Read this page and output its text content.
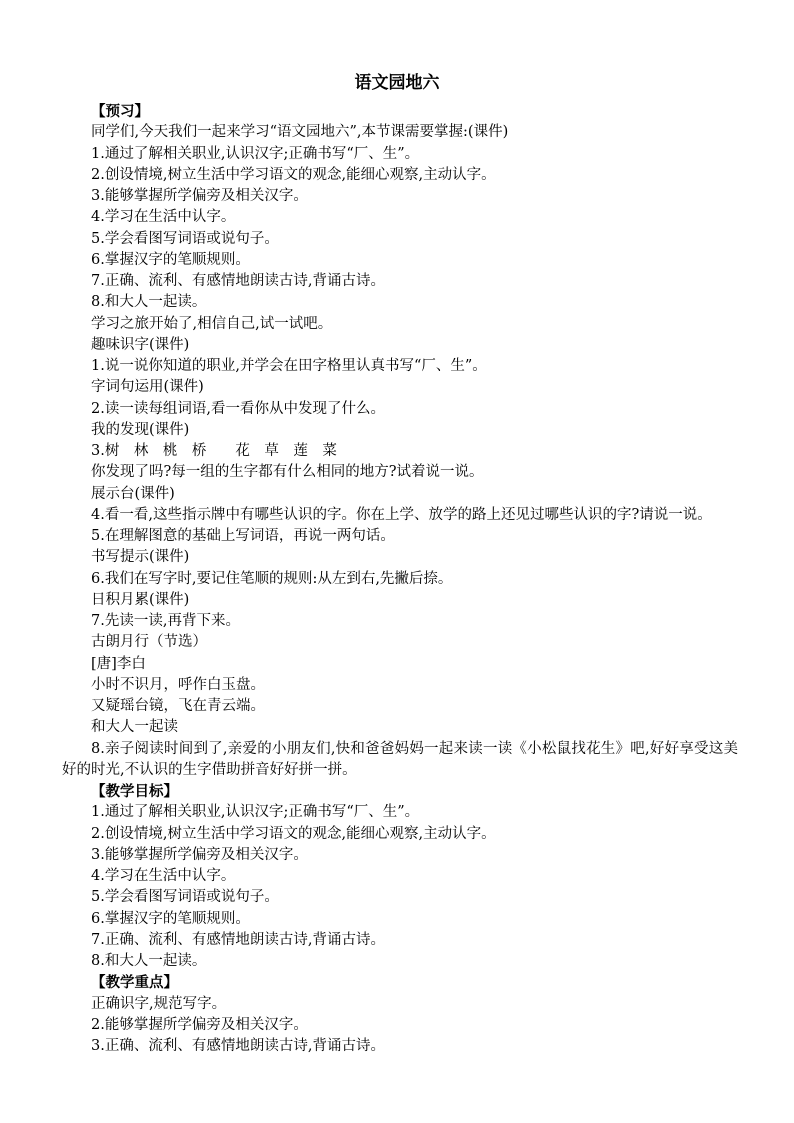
语文园地六

【预习】

同学们,今天我们一起来学习“语文园地六”,本节课需要掌握:(课件)

1.通过了解相关职业,认识汉字;正确书写“厂、生”。

2.创设情境,树立生活中学习语文的观念,能细心观察,主动认字。

3.能够掌握所学偏旁及相关汉字。

4.学习在生活中认字。

5.学会看图写词语或说句子。

6.掌握汉字的笔顺规则。

7.正确、流利、有感情地朗读古诗,背诵古诗。

8.和大人一起读。

学习之旅开始了,相信自己,试一试吧。

趣味识字(课件)

1.说一说你知道的职业,并学会在田字格里认真书写“厂、生”。

字词句运用(课件)

2.读一读每组词语,看一看你从中发现了什么。

我的发现(课件)

3.树　林　桃　桥　　花　草　莲　菜

你发现了吗?每一组的生字都有什么相同的地方?试着说一说。

展示台(课件)

4.看一看,这些指示牌中有哪些认识的字。你在上学、放学的路上还见过哪些认识的字?请说一说。

5.在理解图意的基础上写词语，再说一两句话。

书写提示(课件)

6.我们在写字时,要记住笔顺的规则:从左到右,先撇后捺。

日积月累(课件)

7.先读一读,再背下来。

古朗月行（节选）

[唐]李白

小时不识月，呼作白玉盘。

又疑瑶台镜，飞在青云端。

和大人一起读

8.亲子阅读时间到了,亲爱的小朋友们,快和爸爸妈妈一起来读一读《小松鼠找花生》吧,好好享受这美好的时光,不认识的生字借助拼音好好拼一拼。

【教学目标】

1.通过了解相关职业,认识汉字;正确书写“厂、生”。

2.创设情境,树立生活中学习语文的观念,能细心观察,主动认字。

3.能够掌握所学偏旁及相关汉字。

4.学习在生活中认字。

5.学会看图写词语或说句子。

6.掌握汉字的笔顺规则。

7.正确、流利、有感情地朗读古诗,背诵古诗。

8.和大人一起读。

【教学重点】

正确识字,规范写字。

2.能够掌握所学偏旁及相关汉字。

3.正确、流利、有感情地朗读古诗,背诵古诗。
